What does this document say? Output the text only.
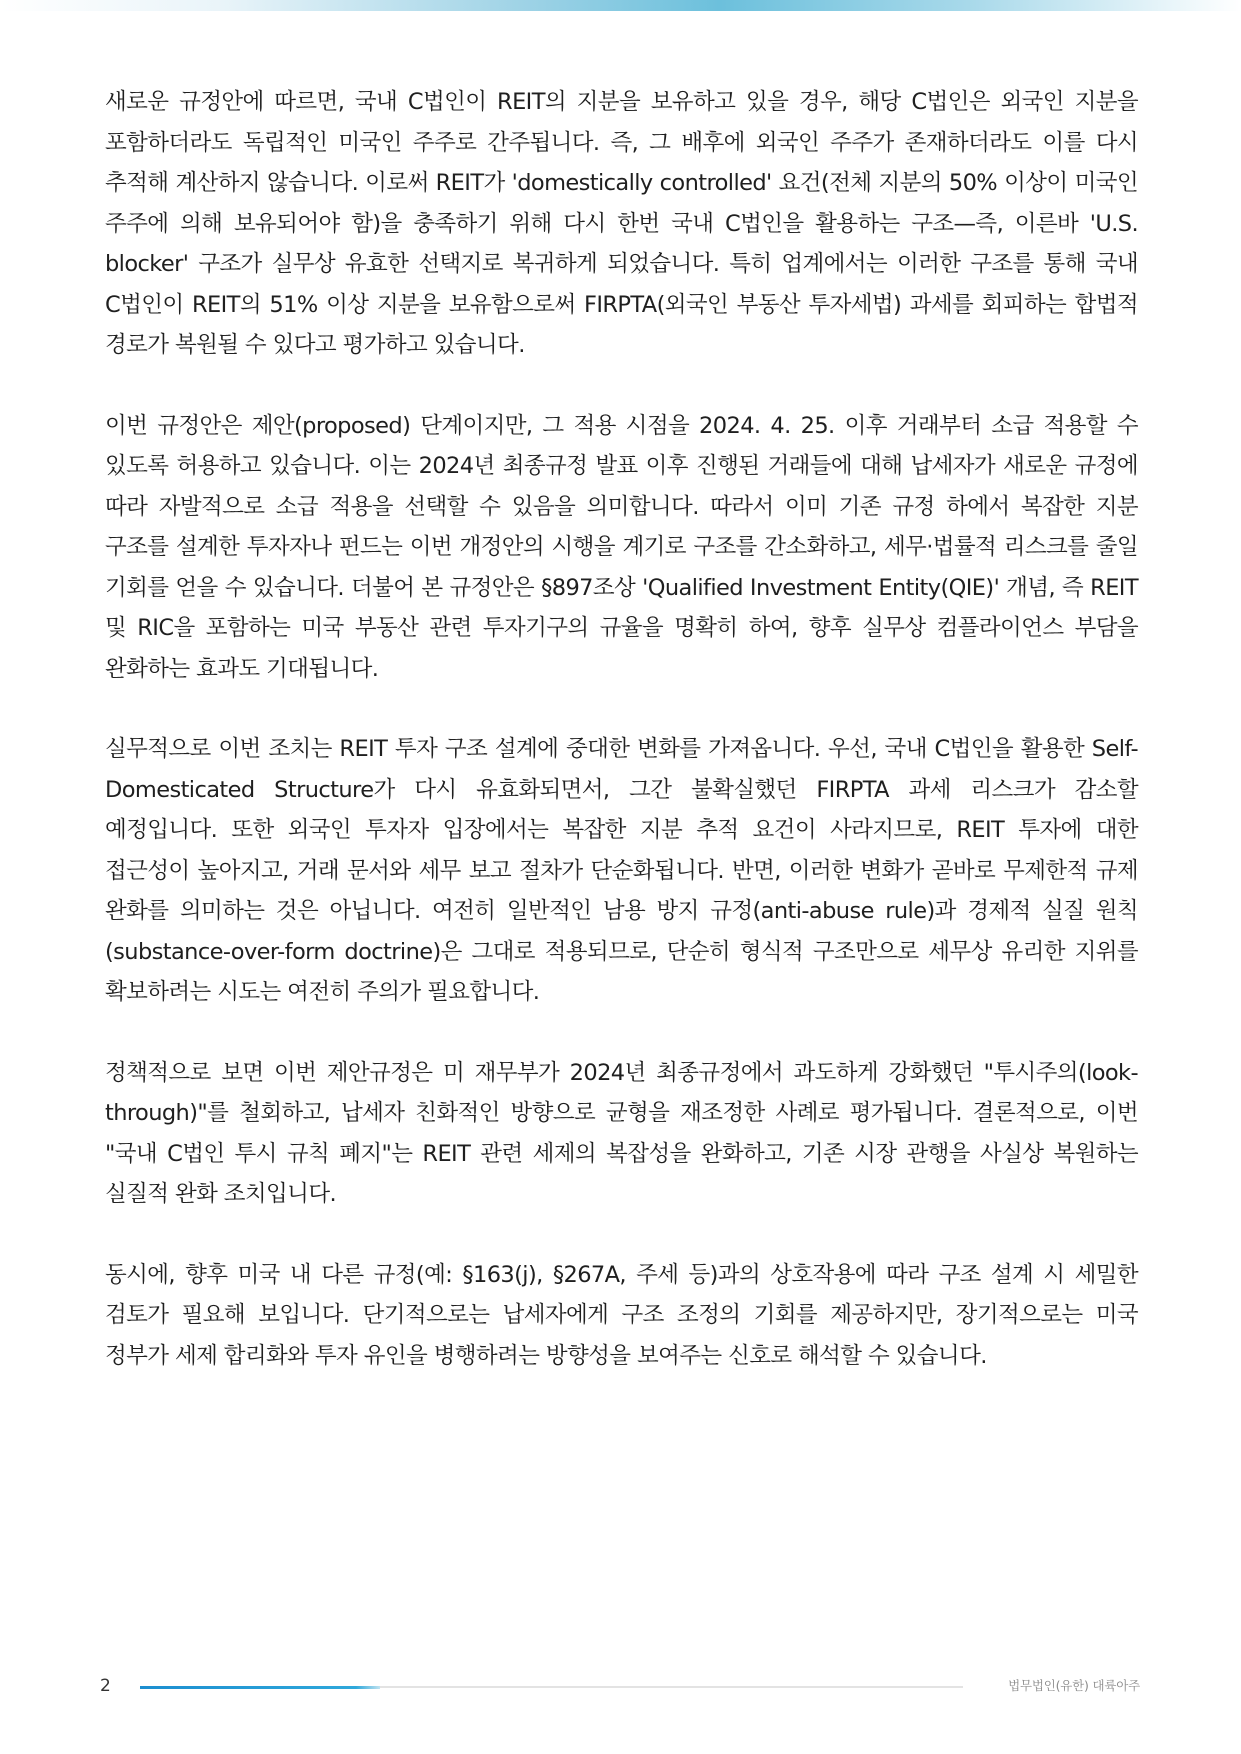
새로운 규정안에 따르면, 국내 C법인이 REIT의 지분을 보유하고 있을 경우, 해당 C법인은 외국인 지분을 포함하더라도 독립적인 미국인 주주로 간주됩니다. 즉, 그 배후에 외국인 주주가 존재하더라도 이를 다시 추적해 계산하지 않습니다. 이로써 REIT가 'domestically controlled' 요건(전체 지분의 50% 이상이 미국인 주주에 의해 보유되어야 함)을 충족하기 위해 다시 한번 국내 C법인을 활용하는 구조—즉, 이른바 'U.S. blocker' 구조가 실무상 유효한 선택지로 복귀하게 되었습니다. 특히 업계에서는 이러한 구조를 통해 국내 C법인이 REIT의 51% 이상 지분을 보유함으로써 FIRPTA(외국인 부동산 투자세법) 과세를 회피하는 합법적 경로가 복원될 수 있다고 평가하고 있습니다.

이번 규정안은 제안(proposed) 단계이지만, 그 적용 시점을 2024. 4. 25. 이후 거래부터 소급 적용할 수 있도록 허용하고 있습니다. 이는 2024년 최종규정 발표 이후 진행된 거래들에 대해 납세자가 새로운 규정에 따라 자발적으로 소급 적용을 선택할 수 있음을 의미합니다. 따라서 이미 기존 규정 하에서 복잡한 지분 구조를 설계한 투자자나 펀드는 이번 개정안의 시행을 계기로 구조를 간소화하고, 세무·법률적 리스크를 줄일 기회를 얻을 수 있습니다. 더불어 본 규정안은 §897조상 'Qualified Investment Entity(QIE)' 개념, 즉 REIT 및 RIC을 포함하는 미국 부동산 관련 투자기구의 규율을 명확히 하여, 향후 실무상 컴플라이언스 부담을 완화하는 효과도 기대됩니다.

실무적으로 이번 조치는 REIT 투자 구조 설계에 중대한 변화를 가져옵니다. 우선, 국내 C법인을 활용한 Self-Domesticated Structure가 다시 유효화되면서, 그간 불확실했던 FIRPTA 과세 리스크가 감소할 예정입니다. 또한 외국인 투자자 입장에서는 복잡한 지분 추적 요건이 사라지므로, REIT 투자에 대한 접근성이 높아지고, 거래 문서와 세무 보고 절차가 단순화됩니다. 반면, 이러한 변화가 곧바로 무제한적 규제 완화를 의미하는 것은 아닙니다. 여전히 일반적인 남용 방지 규정(anti-abuse rule)과 경제적 실질 원칙(substance-over-form doctrine)은 그대로 적용되므로, 단순히 형식적 구조만으로 세무상 유리한 지위를 확보하려는 시도는 여전히 주의가 필요합니다.

정책적으로 보면 이번 제안규정은 미 재무부가 2024년 최종규정에서 과도하게 강화했던 "투시주의(look-through)"를 철회하고, 납세자 친화적인 방향으로 균형을 재조정한 사례로 평가됩니다. 결론적으로, 이번 "국내 C법인 투시 규칙 폐지"는 REIT 관련 세제의 복잡성을 완화하고, 기존 시장 관행을 사실상 복원하는 실질적 완화 조치입니다.

동시에, 향후 미국 내 다른 규정(예: §163(j), §267A, 주세 등)과의 상호작용에 따라 구조 설계 시 세밀한 검토가 필요해 보입니다. 단기적으로는 납세자에게 구조 조정의 기회를 제공하지만, 장기적으로는 미국 정부가 세제 합리화와 투자 유인을 병행하려는 방향성을 보여주는 신호로 해석할 수 있습니다.

2	법무법인(유한) 대륙아주
